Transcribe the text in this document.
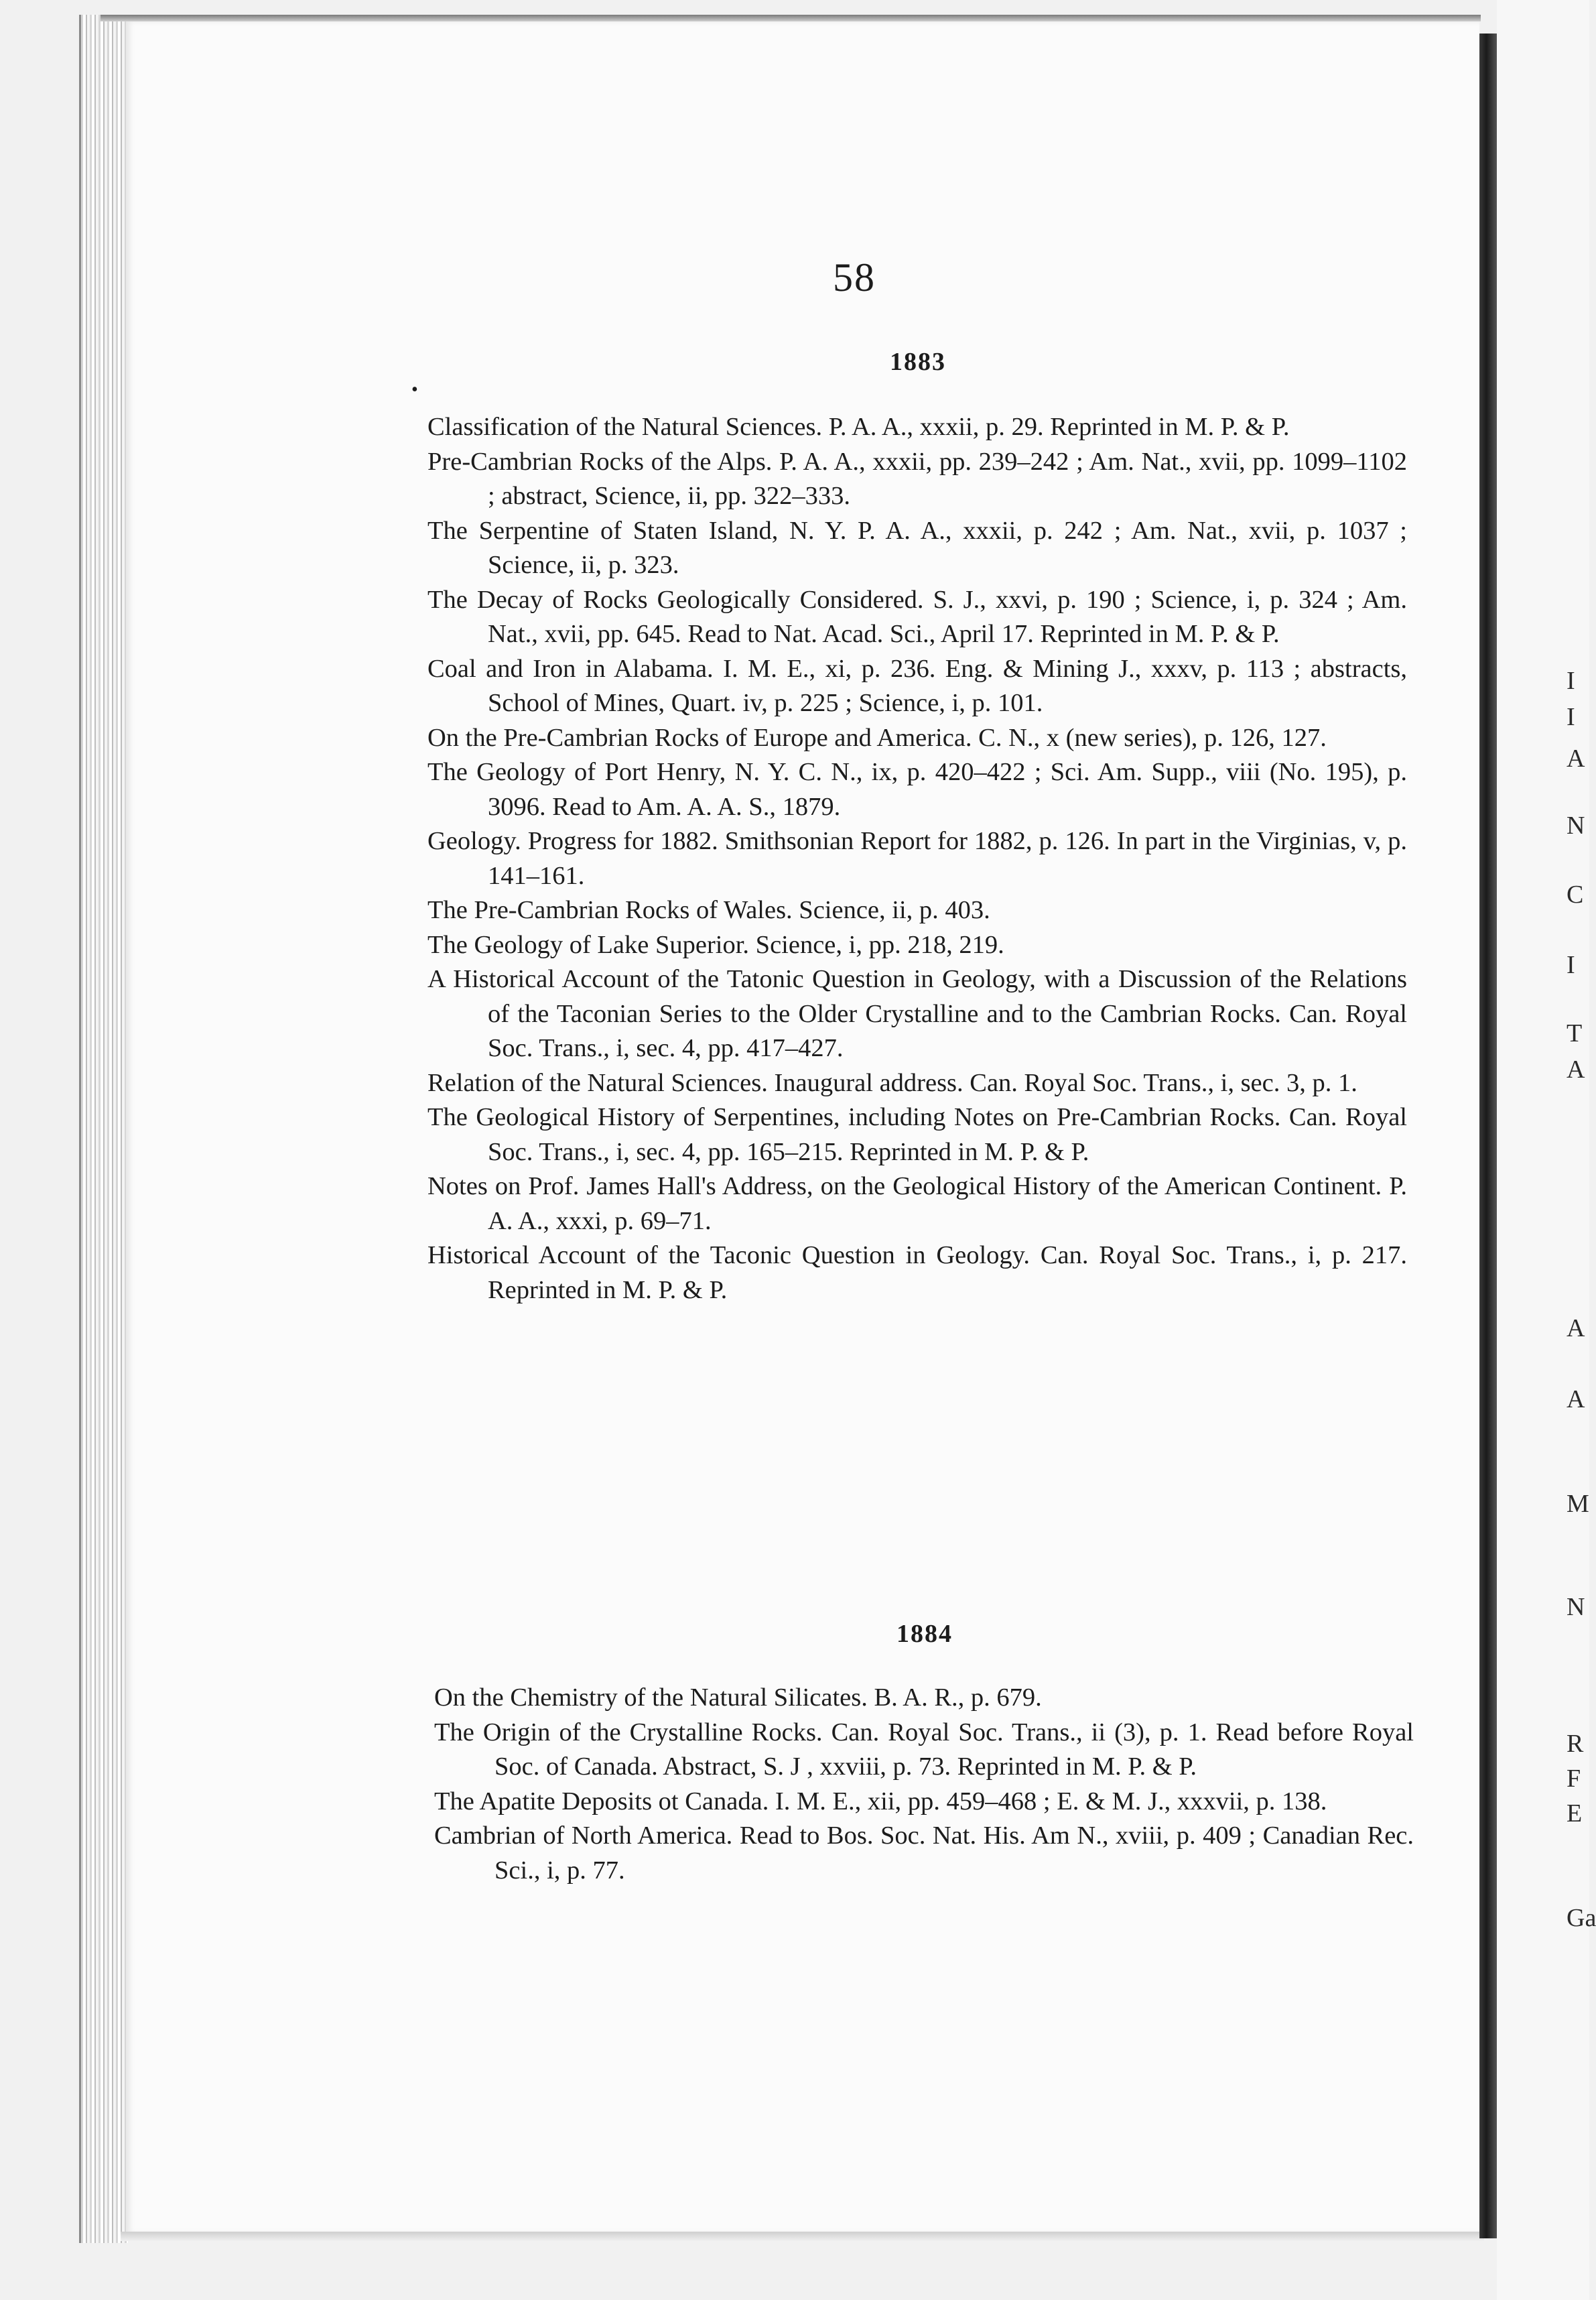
I
I
A
N
C
I
T
A
A
A
M
N
R
F
E
Ga
58
•
1883

Classification of the Natural Sciences. P. A. A., xxxii, p. 29. Reprinted in M. P. & P.

Pre-Cambrian Rocks of the Alps. P. A. A., xxxii, pp. 239–242 ; Am. Nat., xvii, pp. 1099–1102 ; abstract, Science, ii, pp. 322–333.

The Serpentine of Staten Island, N. Y. P. A. A., xxxii, p. 242 ; Am. Nat., xvii, p. 1037 ; Science, ii, p. 323.

The Decay of Rocks Geologically Considered. S. J., xxvi, p. 190 ; Science, i, p. 324 ; Am. Nat., xvii, pp. 645. Read to Nat. Acad. Sci., April 17. Reprinted in M. P. & P.

Coal and Iron in Alabama. I. M. E., xi, p. 236. Eng. & Mining J., xxxv, p. 113 ; abstracts, School of Mines, Quart. iv, p. 225 ; Science, i, p. 101.

On the Pre-Cambrian Rocks of Europe and America. C. N., x (new series), p. 126, 127.

The Geology of Port Henry, N. Y. C. N., ix, p. 420–422 ; Sci. Am. Supp., viii (No. 195), p. 3096. Read to Am. A. A. S., 1879.

Geology. Progress for 1882. Smithsonian Report for 1882, p. 126. In part in the Virginias, v, p. 141–161.

The Pre-Cambrian Rocks of Wales. Science, ii, p. 403.

The Geology of Lake Superior. Science, i, pp. 218, 219.

A Historical Account of the Tatonic Question in Geology, with a Discussion of the Relations of the Taconian Series to the Older Crystalline and to the Cambrian Rocks. Can. Royal Soc. Trans., i, sec. 4, pp. 417–427.

Relation of the Natural Sciences. Inaugural address. Can. Royal Soc. Trans., i, sec. 3, p. 1.

The Geological History of Serpentines, including Notes on Pre-Cambrian Rocks. Can. Royal Soc. Trans., i, sec. 4, pp. 165–215. Reprinted in M. P. & P.

Notes on Prof. James Hall's Address, on the Geological History of the American Continent. P. A. A., xxxi, p. 69–71.

Historical Account of the Taconic Question in Geology. Can. Royal Soc. Trans., i, p. 217. Reprinted in M. P. & P.

1884

On the Chemistry of the Natural Silicates. B. A. R., p. 679.

The Origin of the Crystalline Rocks. Can. Royal Soc. Trans., ii (3), p. 1. Read before Royal Soc. of Canada. Abstract, S. J , xxviii, p. 73. Reprinted in M. P. & P.

The Apatite Deposits ot Canada. I. M. E., xii, pp. 459–468 ; E. & M. J., xxxvii, p. 138.

Cambrian of North America. Read to Bos. Soc. Nat. His. Am N., xviii, p. 409 ; Canadian Rec. Sci., i, p. 77.
